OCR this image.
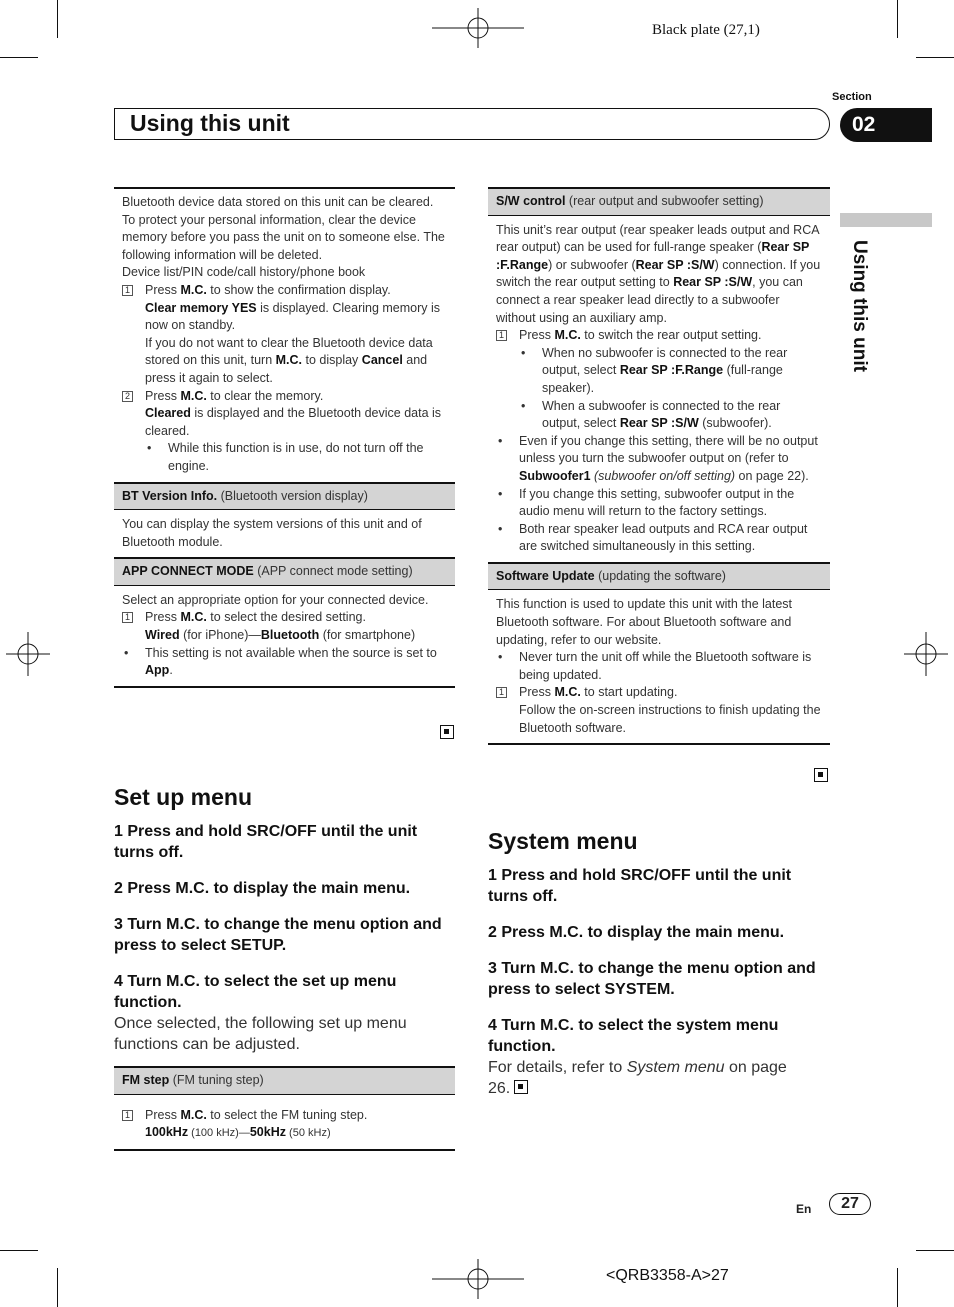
Black plate (27,1)
Section
Using this unit	02
Using this unit
Bluetooth device data stored on this unit can be cleared. To protect your personal information, clear the device memory before you pass the unit on to someone else. The following information will be deleted.
Device list/PIN code/call history/phone book
1 Press M.C. to show the confirmation display.
Clear memory YES is displayed. Clearing memory is now on standby.
If you do not want to clear the Bluetooth device data stored on this unit, turn M.C. to display Cancel and press it again to select.
2 Press M.C. to clear the memory.
Cleared is displayed and the Bluetooth device data is cleared.
•	While this function is in use, do not turn off the engine.
BT Version Info. (Bluetooth version display)
You can display the system versions of this unit and of Bluetooth module.
APP CONNECT MODE (APP connect mode setting)
Select an appropriate option for your connected device.
1 Press M.C. to select the desired setting.
Wired (for iPhone)—Bluetooth (for smartphone)
•	This setting is not available when the source is set to App.
Set up menu
1 Press and hold SRC/OFF until the unit turns off.
2 Press M.C. to display the main menu.
3 Turn M.C. to change the menu option and press to select SETUP.
4 Turn M.C. to select the set up menu function.
Once selected, the following set up menu functions can be adjusted.
FM step (FM tuning step)
1 Press M.C. to select the FM tuning step.
100kHz (100 kHz)—50kHz (50 kHz)
S/W control (rear output and subwoofer setting)
This unit’s rear output (rear speaker leads output and RCA rear output) can be used for full-range speaker (Rear SP :F.Range) or subwoofer (Rear SP :S/W) connection. If you switch the rear output setting to Rear SP :S/W, you can connect a rear speaker lead directly to a subwoofer without using an auxiliary amp.
1 Press M.C. to switch the rear output setting.
•	When no subwoofer is connected to the rear output, select Rear SP :F.Range (full-range speaker).
•	When a subwoofer is connected to the rear output, select Rear SP :S/W (subwoofer).
•	Even if you change this setting, there will be no output unless you turn the subwoofer output on (refer to Subwoofer1 (subwoofer on/off setting) on page 22).
•	If you change this setting, subwoofer output in the audio menu will return to the factory settings.
•	Both rear speaker lead outputs and RCA rear output are switched simultaneously in this setting.
Software Update (updating the software)
This function is used to update this unit with the latest Bluetooth software. For about Bluetooth software and updating, refer to our website.
•	Never turn the unit off while the Bluetooth software is being updated.
1 Press M.C. to start updating.
Follow the on-screen instructions to finish updating the Bluetooth software.
System menu
1 Press and hold SRC/OFF until the unit turns off.
2 Press M.C. to display the main menu.
3 Turn M.C. to change the menu option and press to select SYSTEM.
4 Turn M.C. to select the system menu function.
For details, refer to System menu on page 26.
En	27
<QRB3358-A>27
